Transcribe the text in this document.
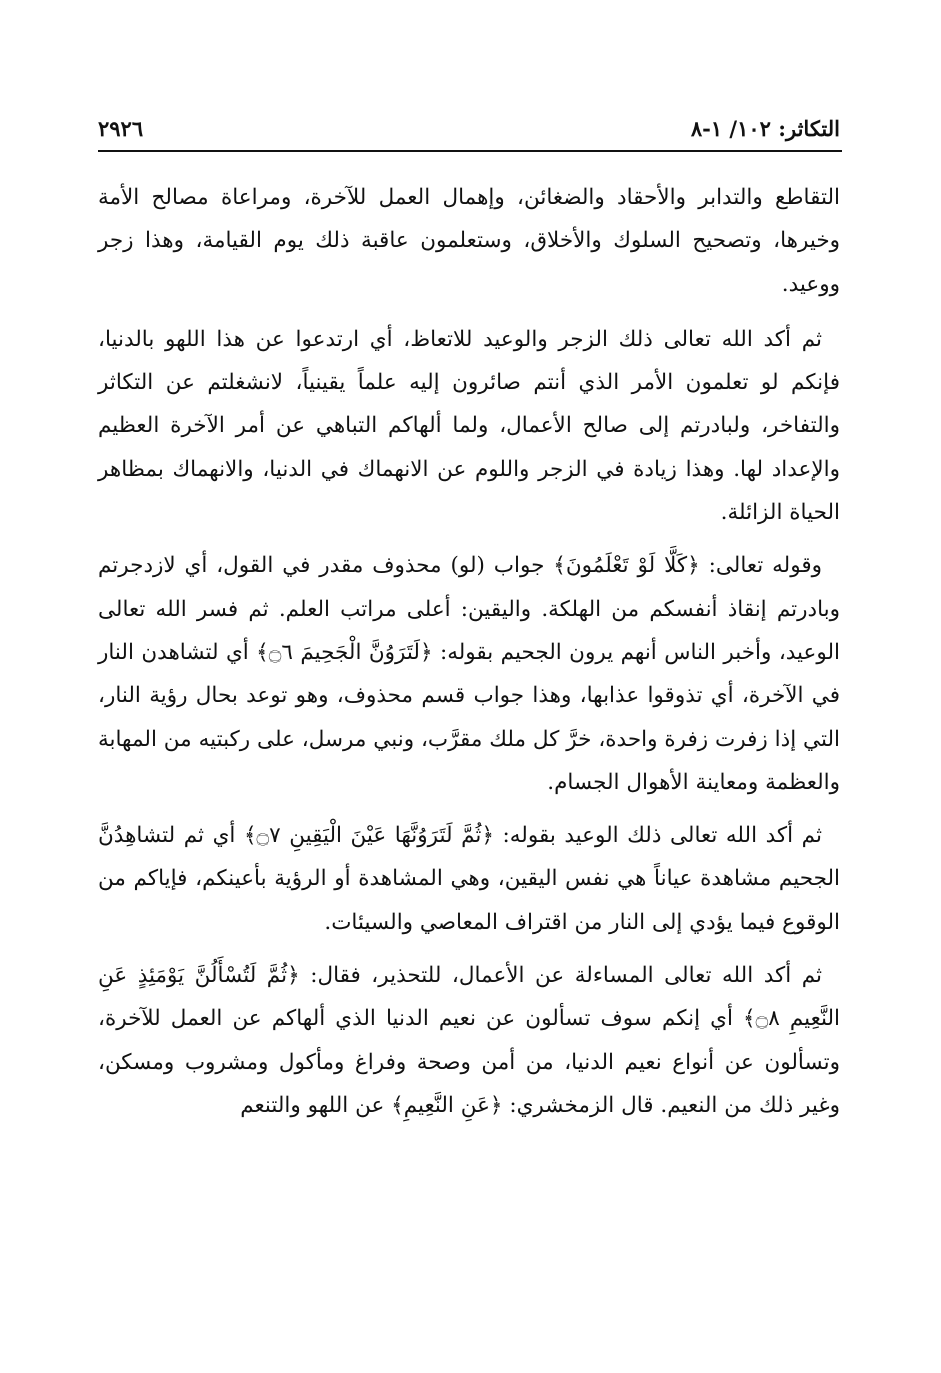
التكاثر: ١٠٢/ ١-٨
٢٩٢٦

التقاطع والتدابر والأحقاد والضغائن، وإهمال العمل للآخرة، ومراعاة مصالح الأمة وخيرها، وتصحيح السلوك والأخلاق، وستعلمون عاقبة ذلك يوم القيامة، وهذا زجر ووعيد.

ثم أكد الله تعالى ذلك الزجر والوعيد للاتعاظ، أي ارتدعوا عن هذا اللهو بالدنيا، فإنكم لو تعلمون الأمر الذي أنتم صائرون إليه علماً يقينياً، لانشغلتم عن التكاثر والتفاخر، ولبادرتم إلى صالح الأعمال، ولما ألهاكم التباهي عن أمر الآخرة العظيم والإعداد لها. وهذا زيادة في الزجر واللوم عن الانهماك في الدنيا، والانهماك بمظاهر الحياة الزائلة.

وقوله تعالى: ﴿كَلَّا لَوْ تَعْلَمُونَ﴾ جواب (لو) محذوف مقدر في القول، أي لازدجرتم وبادرتم إنقاذ أنفسكم من الهلكة. واليقين: أعلى مراتب العلم. ثم فسر الله تعالى الوعيد، وأخبر الناس أنهم يرون الجحيم بقوله: ﴿لَتَرَوُنَّ الْجَحِيمَ ۝٦﴾ أي لتشاهدن النار في الآخرة، أي تذوقوا عذابها، وهذا جواب قسم محذوف، وهو توعد بحال رؤية النار، التي إذا زفرت زفرة واحدة، خرَّ كل ملك مقرَّب، ونبي مرسل، على ركبتيه من المهابة والعظمة ومعاينة الأهوال الجسام.

ثم أكد الله تعالى ذلك الوعيد بقوله: ﴿ثُمَّ لَتَرَوُنَّهَا عَيْنَ الْيَقِينِ ۝٧﴾ أي ثم لتشاهِدُنَّ الجحيم مشاهدة عياناً هي نفس اليقين، وهي المشاهدة أو الرؤية بأعينكم، فإياكم من الوقوع فيما يؤدي إلى النار من اقتراف المعاصي والسيئات.

ثم أكد الله تعالى المساءلة عن الأعمال، للتحذير، فقال: ﴿ثُمَّ لَتُسْأَلُنَّ يَوْمَئِذٍ عَنِ النَّعِيمِ ۝٨﴾ أي إنكم سوف تسألون عن نعيم الدنيا الذي ألهاكم عن العمل للآخرة، وتسألون عن أنواع نعيم الدنيا، من أمن وصحة وفراغ ومأكول ومشروب ومسكن، وغير ذلك من النعيم. قال الزمخشري: ﴿عَنِ النَّعِيمِ﴾ عن اللهو والتنعم
